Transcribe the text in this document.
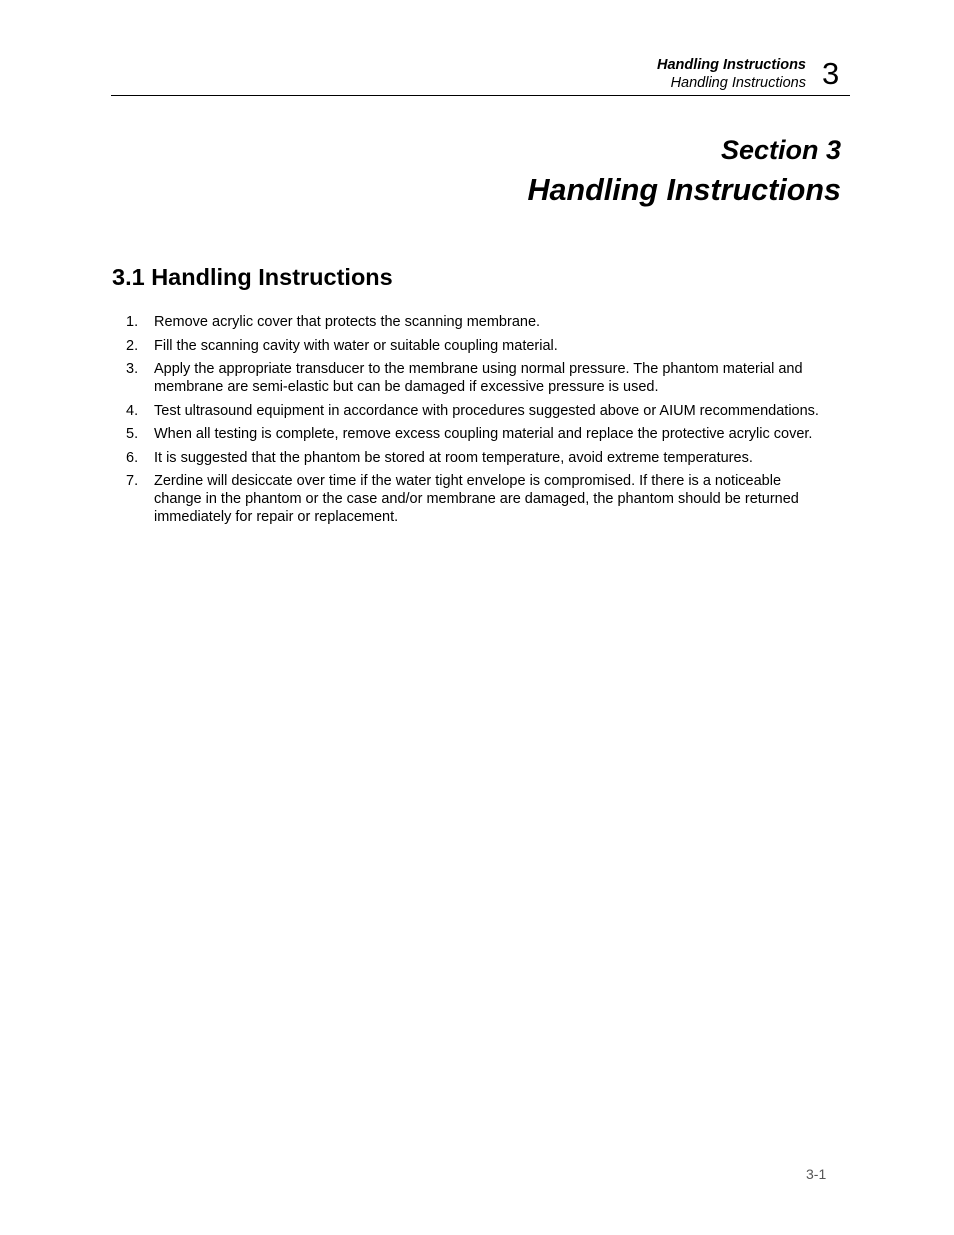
Handling Instructions
Handling Instructions 3
Section 3
Handling Instructions
3.1 Handling Instructions
1. Remove acrylic cover that protects the scanning membrane.
2. Fill the scanning cavity with water or suitable coupling material.
3. Apply the appropriate transducer to the membrane using normal pressure. The phantom material and membrane are semi-elastic but can be damaged if excessive pressure is used.
4. Test ultrasound equipment in accordance with procedures suggested above or AIUM recommendations.
5. When all testing is complete, remove excess coupling material and replace the protective acrylic cover.
6. It is suggested that the phantom be stored at room temperature, avoid extreme temperatures.
7. Zerdine will desiccate over time if the water tight envelope is compromised. If there is a noticeable change in the phantom or the case and/or membrane are damaged, the phantom should be returned immediately for repair or replacement.
3-1
